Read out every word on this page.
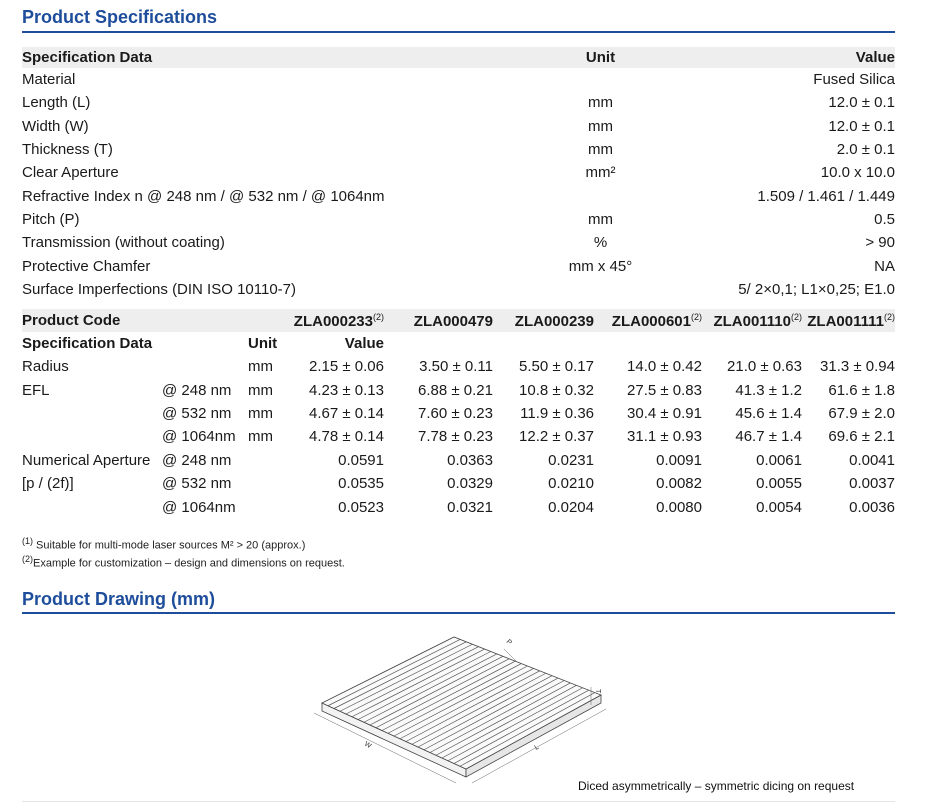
Product Specifications
Specification Data	Unit	Value
Material	Fused Silica
Length (L)	mm	12.0 ± 0.1
Width (W)	mm	12.0 ± 0.1
Thickness (T)	mm	2.0 ± 0.1
Clear Aperture	mm²	10.0 x 10.0
Refractive Index n @ 248 nm / @ 532 nm / @ 1064nm	1.509 / 1.461 / 1.449
Pitch (P)	mm	0.5
Transmission (without coating)	%	> 90
Protective Chamfer	mm x 45°	NA
Surface Imperfections (DIN ISO 10110-7)	5/ 2×0,1; L1×0,25; E1.0
Product Code	ZLA000233$^{(2)}$	ZLA000479	ZLA000239	ZLA000601$^{(2)}$ ZLA001110$^{(2)}$ ZLA001111$^{(2)}$
Specification Data	Unit	Value
Radius	mm	2.15 ± 0.06	3.50 ± 0.11	5.50 ± 0.17	14.0 ± 0.42	21.0 ± 0.63	31.3 ± 0.94
EFL	@ 248 nm	mm	4.23 ± 0.13	6.88 ± 0.21	10.8 ± 0.32	27.5 ± 0.83	41.3 ± 1.2	61.6 ± 1.8
@ 532 nm	mm	4.67 ± 0.14	7.60 ± 0.23	11.9 ± 0.36	30.4 ± 0.91	45.6 ± 1.4	67.9 ± 2.0
@ 1064nm mm	4.78 ± 0.14	7.78 ± 0.23	12.2 ± 0.37	31.1 ± 0.93	46.7 ± 1.4	69.6 ± 2.1
Numerical Aperture @ 248 nm	0.0591	0.0363	0.0231	0.0091	0.0061	0.0041
[p / (2f)]	@ 532 nm	0.0535	0.0329	0.0210	0.0082	0.0055	0.0037
@ 1064nm	0.0523	0.0321	0.0204	0.0080	0.0054	0.0036
$^{(1)}$ Suitable for multi-mode laser sources M² > 20 (approx.)
$^{(2)}$Example for customization – design and dimensions on request.
Product Drawing (mm)
P
T
W	L
Diced asymmetrically – symmetric dicing on request
